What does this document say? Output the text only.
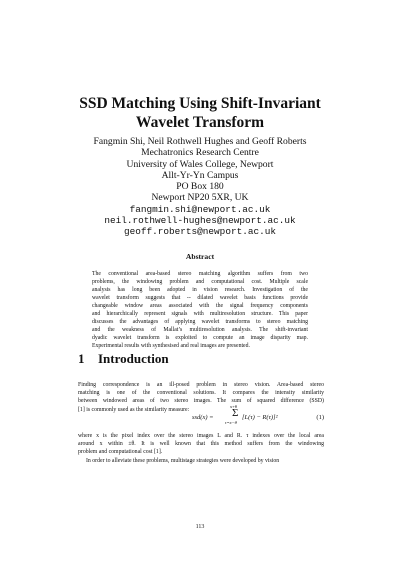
SSD Matching Using Shift-Invariant
Wavelet Transform
Fangmin Shi, Neil Rothwell Hughes and Geoff Roberts
Mechatronics Research Centre
University of Wales College, Newport
Allt-Yr-Yn Campus
PO Box 180
Newport NP20 5XR, UK
fangmin.shi@newport.ac.uk
neil.rothwell-hughes@newport.ac.uk
geoff.roberts@newport.ac.uk
Abstract
The conventional area-based stereo matching algorithm suffers from two
problems, the windowing problem and computational cost. Multiple scale
analysis has long been adopted in vision research. Investigation of the
wavelet transform suggests that -- dilated wavelet basis functions provide
changeable window areas associated with the signal frequency components
and hierarchically represent signals with multiresolution structure. This paper
discusses the advantages of applying wavelet transforms to stereo matching
and the weakness of Mallat’s multiresolution analysis. The shift-invariant
dyadic wavelet transform is exploited to compute an image disparity map.
Experimental results with synthesised and real images are presented.
1 Introduction
Finding correspondence is an ill-posed problem in stereo vision. Area-based stereo
matching is one of the conventional solutions. It compares the intensity similarity
between windowed areas of two stereo images. The sum of squared difference (SSD)
[1] is commonly used as the similarity measure:
ssd(x) =
x+θ
Σ
τ=x−θ
[L(τ) − R(τ)]²	(1)
where x is the pixel index over the stereo images L and R. τ indexes over the local area
around x within ±θ. It is well known that this method suffers from the windowing
problem and computational cost [1].
In order to alleviate these problems, multistage strategies were developed by vision
113
